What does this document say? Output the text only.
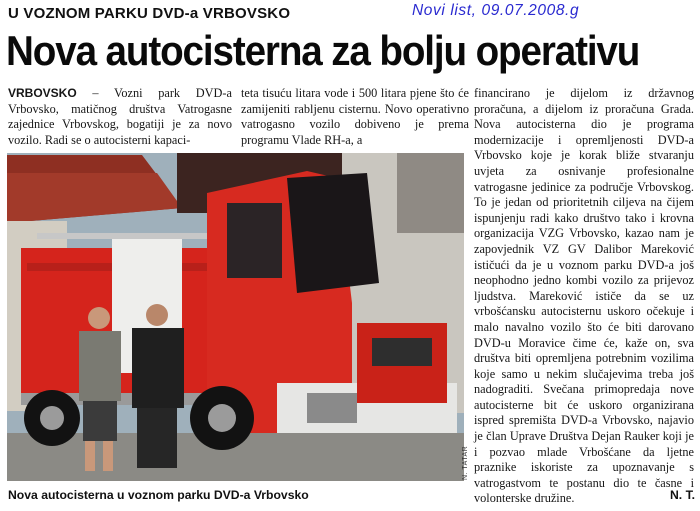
U VOZNOM PARKU DVD-a VRBOVSKO	Novi list, 09.07.2008.g
Nova autocisterna za bolju operativu
VRBOVSKO – Vozni park DVD-a Vrbovsko, matičnog društva Vatrogasne zajednice Vrbovskog, bogatiji je za novo vozilo. Radi se o autocisterni kapaci-
teta tisuću litara vode i 500 litara pjene što će zamijeniti rabljenu cisternu. Novo operativno vatrogasno vozilo dobiveno je prema programu Vlade RH-a, a
financirano je dijelom iz državnog proračuna, a dijelom iz proračuna Grada. Nova autocisterna dio je programa modernizacije i opremljenosti DVD-a Vrbovsko koje je korak bliže stvaranju uvjeta za osnivanje profesionalne vatrogasne jedinice za područje Vrbovskog. To je jedan od prioritetnih ciljeva na čijem ispunjenju radi kako društvo tako i krovna organizacija VZG Vrbovsko, kazao nam je zapovjednik VZ GV Dalibor Mareković ističući da je u voznom parku DVD-a još neophodno jedno kombi vozilo za prijevoz ljudstva. Mareković ističe da se uz vrbošćansku autocisternu uskoro očekuje i malo navalno vozilo što će biti darovano DVD-u Moravice čime će, kaže on, sva društva biti opremljena potrebnim vozilima koje samo u nekim slučajevima treba još nadograditi. Svečana primopredaja nove autocisterne bit će uskoro organizirana ispred spremišta DVD-a Vrbovsko, najavio je član Uprave Društva Dejan Rauker koji je i pozvao mlade Vrbošćane da ljetne praznike iskoriste za upoznavanje s vatrogastvom te postanu dio te časne i volonterske družine.
N. TATAR
Nova autocisterna u voznom parku DVD-a Vrbovsko	N. T.
